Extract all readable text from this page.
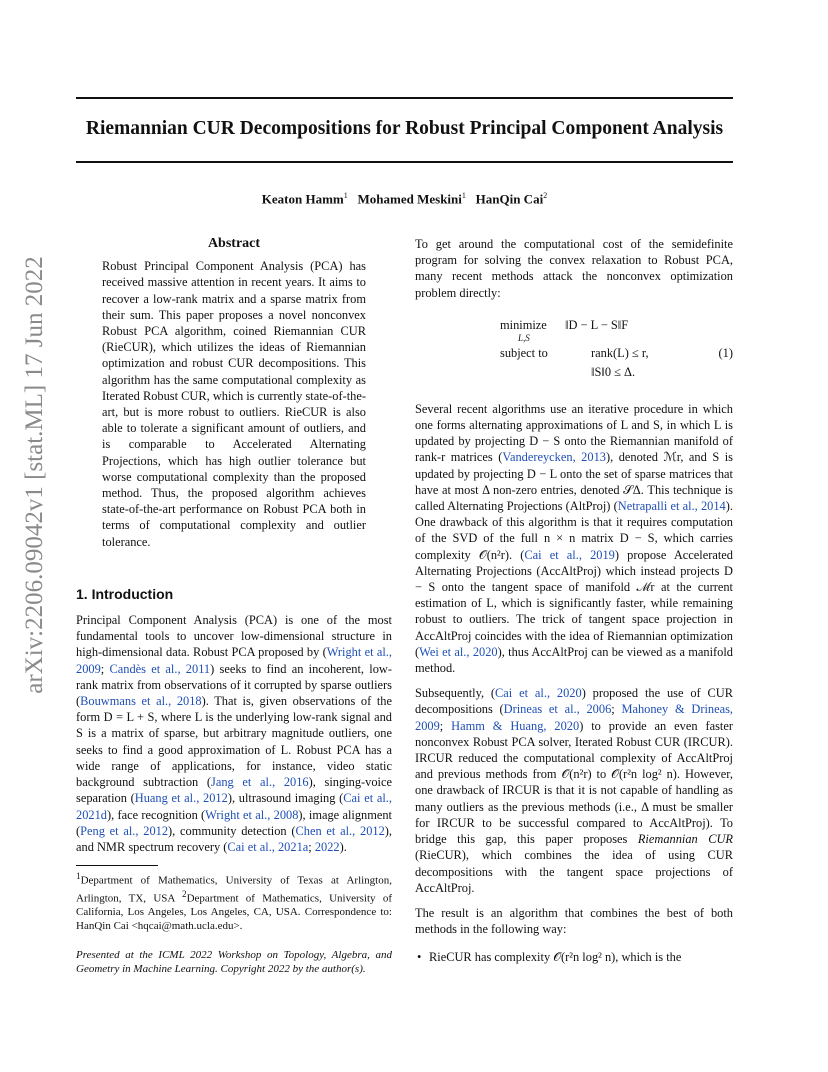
Riemannian CUR Decompositions for Robust Principal Component Analysis
Keaton Hamm$^1$ Mohamed Meskini$^1$ HanQin Cai$^2$
arXiv:2206.09042v1 [stat.ML] 17 Jun 2022
Abstract

Robust Principal Component Analysis (PCA) has received massive attention in recent years. It aims to recover a low-rank matrix and a sparse matrix from their sum. This paper proposes a novel nonconvex Robust PCA algorithm, coined Riemannian CUR (RieCUR), which utilizes the ideas of Riemannian optimization and robust CUR decompositions. This algorithm has the same computational complexity as Iterated Robust CUR, which is currently state-of-the-art, but is more robust to outliers. RieCUR is also able to tolerate a significant amount of outliers, and is comparable to Accelerated Alternating Projections, which has high outlier tolerance but worse computational complexity than the proposed method. Thus, the proposed algorithm achieves state-of-the-art performance on Robust PCA both in terms of computational complexity and outlier tolerance.

1. Introduction

Principal Component Analysis (PCA) is one of the most fundamental tools to uncover low-dimensional structure in high-dimensional data. Robust PCA proposed by (Wright et al., 2009; Candès et al., 2011) seeks to find an incoherent, low-rank matrix from observations of it corrupted by sparse outliers (Bouwmans et al., 2018). That is, given observations of the form D = L + S, where L is the underlying low-rank signal and S is a matrix of sparse, but arbitrary magnitude outliers, one seeks to find a good approximation of L. Robust PCA has a wide range of applications, for instance, video static background subtraction (Jang et al., 2016), singing-voice separation (Huang et al., 2012), ultrasound imaging (Cai et al., 2021d), face recognition (Wright et al., 2008), image alignment (Peng et al., 2012), community detection (Chen et al., 2012), and NMR spectrum recovery (Cai et al., 2021a; 2022).

$^1$Department of Mathematics, University of Texas at Arlington, Arlington, TX, USA $^2$Department of Mathematics, University of California, Los Angeles, Los Angeles, CA, USA. Correspondence to: HanQin Cai <hqcai@math.ucla.edu>.
Presented at the ICML 2022 Workshop on Topology, Algebra, and Geometry in Machine Learning. Copyright 2022 by the author(s).

To get around the computational cost of the semidefinite program for solving the convex relaxation to Robust PCA, many recent methods attack the nonconvex optimization problem directly:

minimize
L,S
‖D − L − S‖F
subject to	rank(L) ≤ r,
‖S‖0 ≤ Δ.
(1)

Several recent algorithms use an iterative procedure in which one forms alternating approximations of L and S, in which L is updated by projecting D − S onto the Riemannian manifold of rank-r matrices (Vandereycken, 2013), denoted ℳr, and S is updated by projecting D − L onto the set of sparse matrices that have at most Δ non-zero entries, denoted 𝒮Δ. This technique is called Alternating Projections (AltProj) (Netrapalli et al., 2014). One drawback of this algorithm is that it requires computation of the SVD of the full n × n matrix D − S, which carries complexity 𝒪(n²r). (Cai et al., 2019) propose Accelerated Alternating Projections (AccAltProj) which instead projects D − S onto the tangent space of manifold ℳr at the current estimation of L, which is significantly faster, while remaining robust to outliers. The trick of tangent space projection in AccAltProj coincides with the idea of Riemannian optimization (Wei et al., 2020), thus AccAltProj can be viewed as a manifold method.

Subsequently, (Cai et al., 2020) proposed the use of CUR decompositions (Drineas et al., 2006; Mahoney & Drineas, 2009; Hamm & Huang, 2020) to provide an even faster nonconvex Robust PCA solver, Iterated Robust CUR (IRCUR). IRCUR reduced the computational complexity of AccAltProj and previous methods from 𝒪(n²r) to 𝒪(r²n log² n). However, one drawback of IRCUR is that it is not capable of handling as many outliers as the previous methods (i.e., Δ must be smaller for IRCUR to be successful compared to AccAltProj). To bridge this gap, this paper proposes Riemannian CUR (RieCUR), which combines the idea of using CUR decompositions with the tangent space projections of AccAltProj.

The result is an algorithm that combines the best of both methods in the following way:

• RieCUR has complexity 𝒪(r²n log² n), which is the
